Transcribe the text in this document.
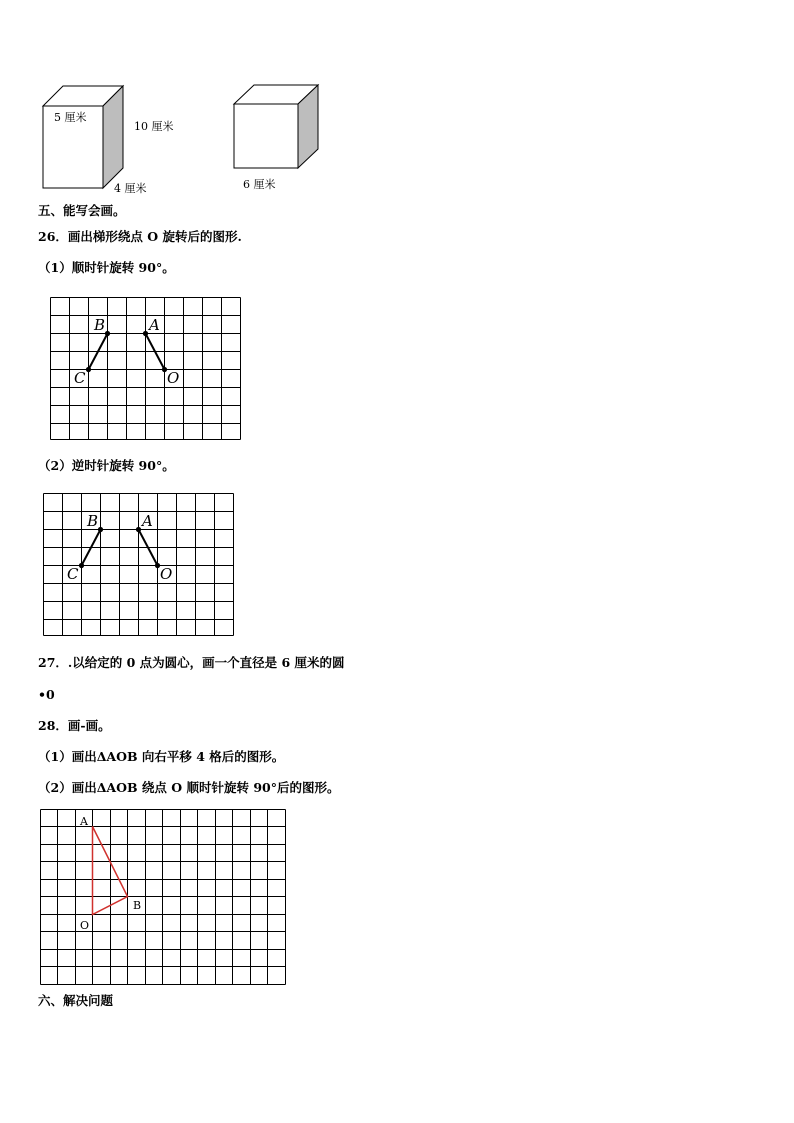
5 厘米
10 厘米
4 厘米	6 厘米
五、能写会画。
26．画出梯形绕点 O 旋转后的图形.
（1）顺时针旋转 90°。
B	A
C	O
（2）逆时针旋转 90°。
B	A
C	O
27．.以给定的 0 点为圆心，画一个直径是 6 厘米的圆
•0
28．画-画。
（1）画出ΔAOB 向右平移 4 格后的图形。
（2）画出ΔAOB 绕点 O 顺时针旋转 90°后的图形。
A
B
O
六、解决问题
